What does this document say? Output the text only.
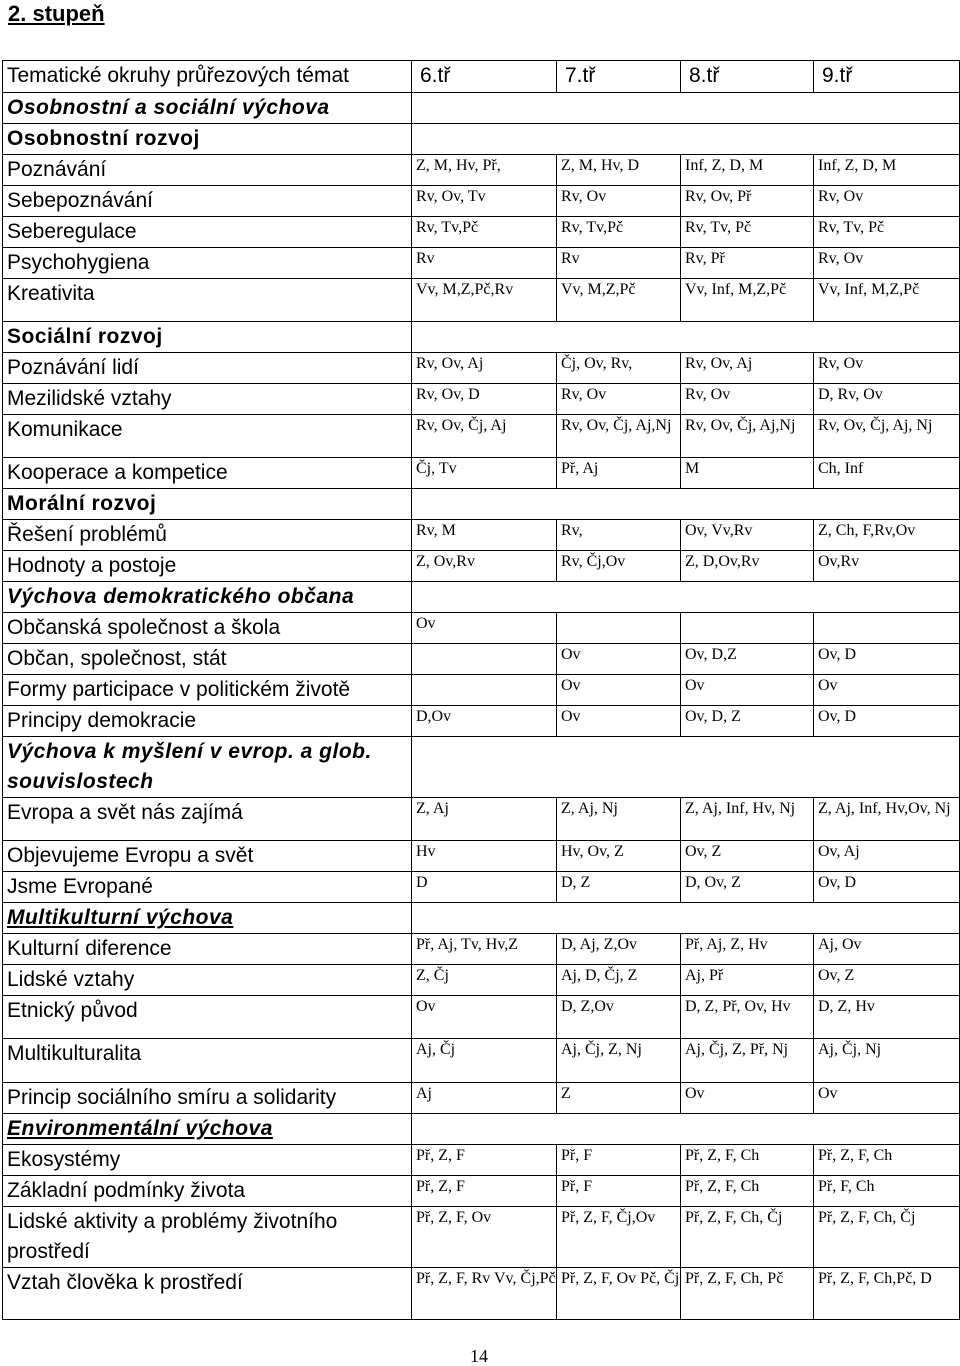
2. stupeň
Tematické okruhy průřezových témat	6.tř	7.tř	8.tř	9.tř
Osobnostní a sociální výchova				
Osobnostní rozvoj				
Poznávání	Z, M, Hv, Př,	Z, M, Hv, D	Inf, Z, D, M	Inf, Z, D, M
Sebepoznávání	Rv, Ov, Tv	Rv, Ov	Rv, Ov, Př	Rv, Ov
Seberegulace	Rv, Tv,Pč	Rv, Tv,Pč	Rv, Tv, Pč	Rv, Tv, Pč
Psychohygiena	Rv	Rv	Rv, Př	Rv, Ov
Kreativita	Vv, M,Z,Pč,Rv	Vv, M,Z,Pč	Vv, Inf, M,Z,Pč	Vv, Inf, M,Z,Pč
Sociální rozvoj				
Poznávání lidí	Rv, Ov, Aj	Čj, Ov, Rv,	Rv, Ov, Aj	Rv, Ov
Mezilidské vztahy	Rv, Ov, D	Rv, Ov	Rv, Ov	D, Rv, Ov
Komunikace	Rv, Ov, Čj, Aj	Rv, Ov, Čj, Aj,Nj	Rv, Ov, Čj, Aj,Nj	Rv, Ov, Čj, Aj, Nj
Kooperace a kompetice	Čj, Tv	Př, Aj	M	Ch, Inf
Morální rozvoj				
Řešení problémů	Rv, M	Rv,	Ov, Vv,Rv	Z, Ch, F,Rv,Ov
Hodnoty a postoje	Z, Ov,Rv	Rv, Čj,Ov	Z, D,Ov,Rv	Ov,Rv
Výchova demokratického občana				
Občanská společnost a škola	Ov			
Občan, společnost, stát		Ov	Ov, D,Z	Ov, D
Formy participace v politickém životě		Ov	Ov	Ov
Principy demokracie	D,Ov	Ov	Ov, D, Z	Ov, D
Výchova k myšlení v evrop. a glob. souvislostech				
Evropa a svět nás zajímá	Z, Aj	Z, Aj, Nj	Z, Aj, Inf, Hv, Nj	Z, Aj, Inf, Hv,Ov, Nj
Objevujeme Evropu a svět	Hv	Hv, Ov, Z	Ov, Z	Ov, Aj
Jsme Evropané	D	D, Z	D, Ov, Z	Ov, D
Multikulturní výchova				
Kulturní diference	Př, Aj, Tv, Hv,Z	D, Aj, Z,Ov	Př, Aj, Z, Hv	Aj, Ov
Lidské vztahy	Z, Čj	Aj, D, Čj, Z	Aj, Př	Ov, Z
Etnický původ	Ov	D, Z,Ov	D, Z, Př, Ov, Hv	D, Z, Hv
Multikulturalita	Aj, Čj	Aj, Čj, Z, Nj	Aj, Čj, Z, Př, Nj	Aj, Čj, Nj
Princip sociálního smíru a solidarity	Aj	Z	Ov	Ov
Environmentální výchova				
Ekosystémy	Př, Z, F	Př, F	Př, Z, F, Ch	Př, Z, F, Ch
Základní podmínky života	Př, Z, F	Př, F	Př, Z, F, Ch	Př, F, Ch
Lidské aktivity a problémy životního prostředí	Př, Z, F, Ov	Př, Z, F, Čj,Ov	Př, Z, F, Ch, Čj	Př, Z, F, Ch, Čj
Vztah člověka k prostředí	Př, Z, F, Rv Vv, Čj,Pč	Př, Z, F, Ov Pč, Čj	Př, Z, F, Ch, Pč	Př, Z, F, Ch,Pč, D
14
